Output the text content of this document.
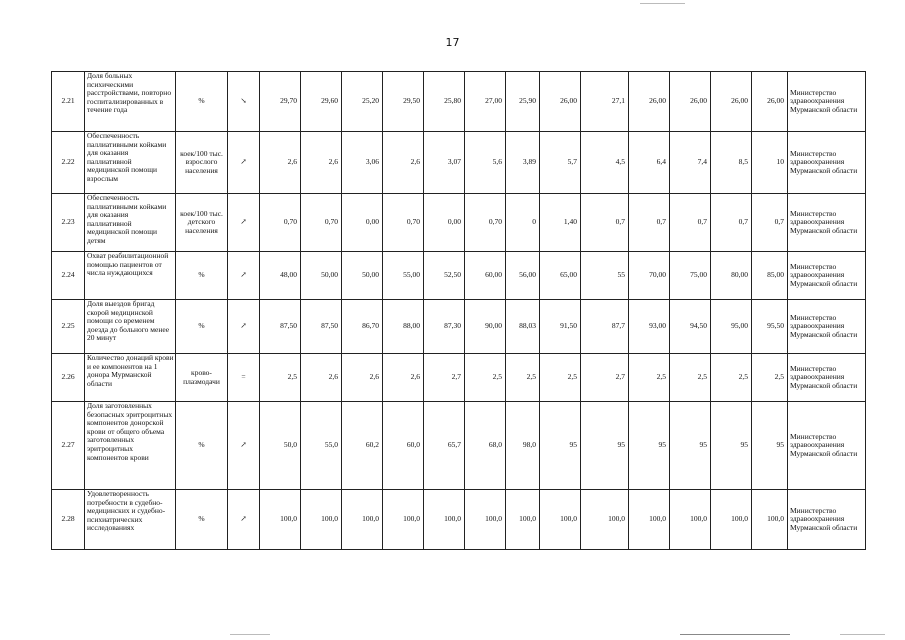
17
2.21	Доля больных психическими расстройствами, повторно госпитализированных в течение года	%	↘	29,70	29,60	25,20	29,50	25,80	27,00	25,90	26,00	27,1	26,00	26,00	26,00	26,00	Министерство здравоохранения Мурманской области
2.22	Обеспеченность паллиативными койками для оказания паллиативной медицинской помощи взрослым	коек/100 тыс. взрослого населения	↗	2,6	2,6	3,06	2,6	3,07	5,6	3,89	5,7	4,5	6,4	7,4	8,5	10	Министерство здравоохранения Мурманской области
2.23	Обеспеченность паллиативными койками для оказания паллиативной медицинской помощи детям	коек/100 тыс. детского населения	↗	0,70	0,70	0,00	0,70	0,00	0,70	0	1,40	0,7	0,7	0,7	0,7	0,7	Министерство здравоохранения Мурманской области
2.24	Охват реабилитационной помощью пациентов от числа нуждающихся	%	↗	48,00	50,00	50,00	55,00	52,50	60,00	56,00	65,00	55	70,00	75,00	80,00	85,00	Министерство здравоохранения Мурманской области
2.25	Доля выездов бригад скорой медицинской помощи со временем доезда до больного менее 20 минут	%	↗	87,50	87,50	86,70	88,00	87,30	90,00	88,03	91,50	87,7	93,00	94,50	95,00	95,50	Министерство здравоохранения Мурманской области
2.26	Количество донаций крови и ее компонентов на 1 донора Мурманской области	крово-плазмодачи	=	2,5	2,6	2,6	2,6	2,7	2,5	2,5	2,5	2,7	2,5	2,5	2,5	2,5	Министерство здравоохранения Мурманской области
2.27	Доля заготовленных безопасных эритроцитных компонентов донорской крови от общего объема заготовленных эритроцитных компонентов крови	%	↗	50,0	55,0	60,2	60,0	65,7	68,0	98,0	95	95	95	95	95	95	Министерство здравоохранения Мурманской области
2.28	Удовлетворенность потребности в судебно-медицинских и судебно-психиатрических исследованиях	%	↗	100,0	100,0	100,0	100,0	100,0	100,0	100,0	100,0	100,0	100,0	100,0	100,0	100,0	Министерство здравоохранения Мурманской области
